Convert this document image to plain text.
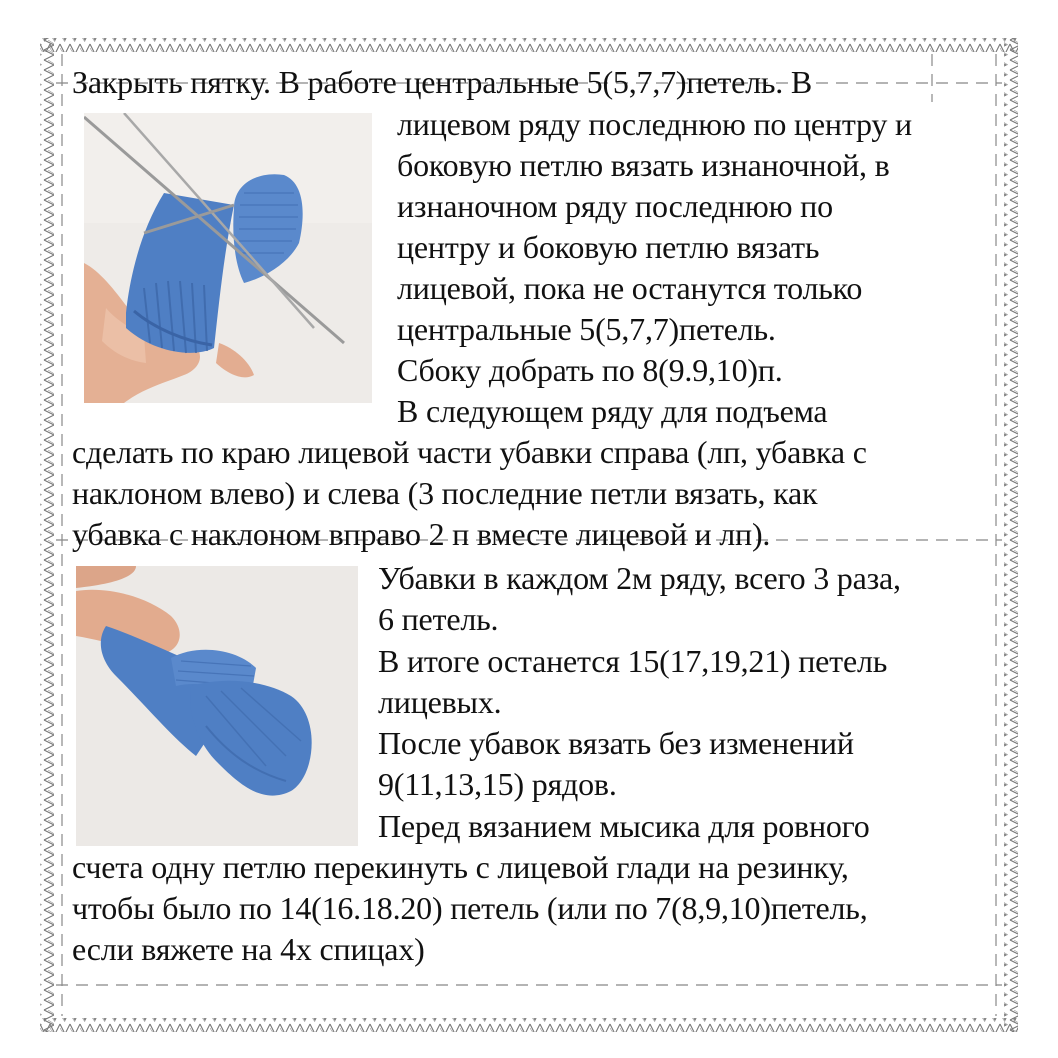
Закрыть пятку. В работе центральные 5(5,7,7)петель. В
лицевом ряду последнюю по центру и
боковую петлю вязать изнаночной, в
изнаночном ряду последнюю по
центру и боковую петлю вязать
лицевой, пока не останутся только
центральные 5(5,7,7)петель.
Сбоку добрать по 8(9.9,10)п.
В следующем ряду для подъема
сделать по краю лицевой части убавки справа (лп, убавка с
наклоном влево) и слева (3 последние петли вязать, как
убавка с наклоном вправо 2 п вместе лицевой и лп).
Убавки в каждом 2м ряду, всего 3 раза,
6 петель.
В итоге останется 15(17,19,21) петель
лицевых.
После убавок вязать без изменений
9(11,13,15) рядов.
Перед вязанием мысика для ровного
счета одну петлю перекинуть с лицевой глади на резинку,
чтобы было по 14(16.18.20) петель (или по 7(8,9,10)петель,
если вяжете на 4х спицах)
